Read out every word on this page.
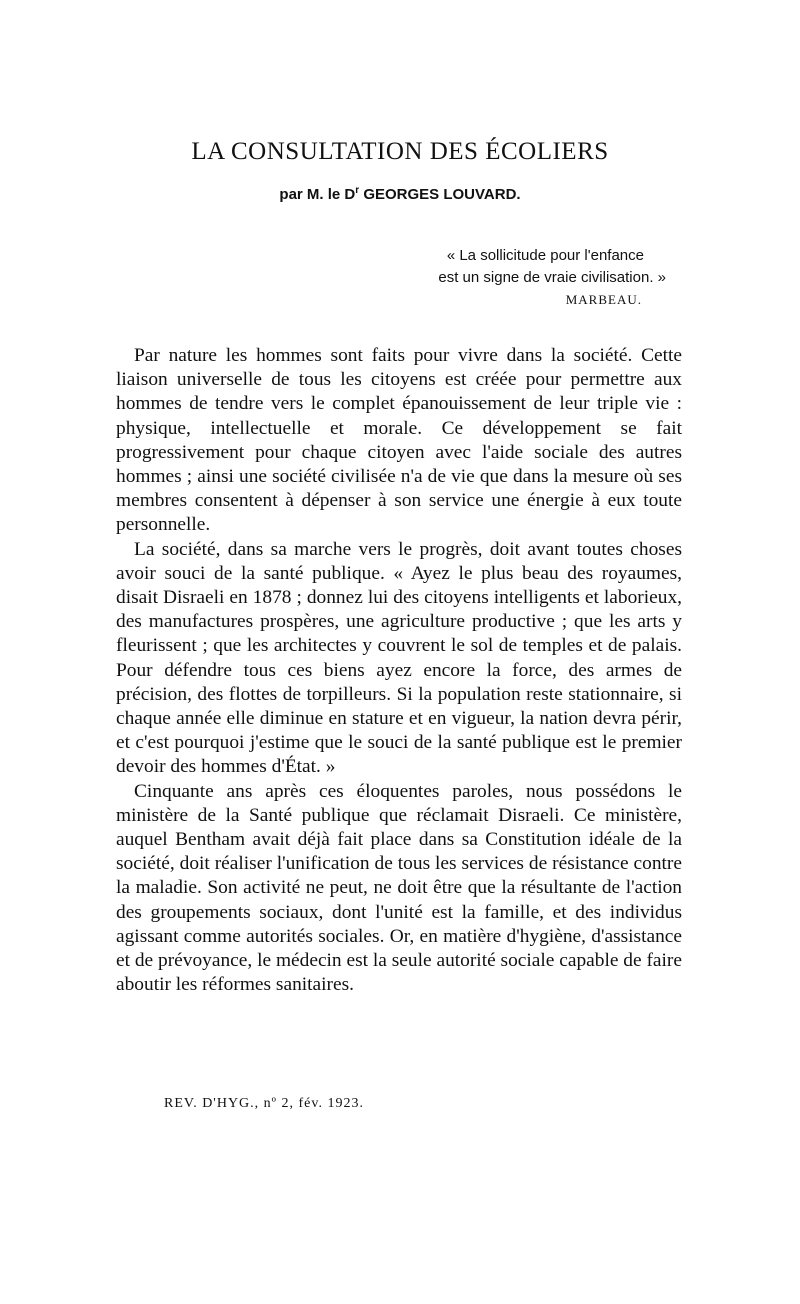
LA CONSULTATION DES ÉCOLIERS
par M. le $D^r$ GEORGES LOUVARD.
« La sollicitude pour l'enfance
est un signe de vraie civilisation. »
MARBEAU.

Par nature les hommes sont faits pour vivre dans la société. Cette liaison universelle de tous les citoyens est créée pour permettre aux hommes de tendre vers le complet épanouissement de leur triple vie : physique, intellectuelle et morale. Ce développement se fait progressivement pour chaque citoyen avec l'aide sociale des autres hommes ; ainsi une société civilisée n'a de vie que dans la mesure où ses membres consentent à dépenser à son service une énergie à eux toute personnelle.

La société, dans sa marche vers le progrès, doit avant toutes choses avoir souci de la santé publique. « Ayez le plus beau des royaumes, disait Disraeli en 1878 ; donnez lui des citoyens intelligents et laborieux, des manufactures prospères, une agriculture productive ; que les arts y fleurissent ; que les architectes y couvrent le sol de temples et de palais. Pour défendre tous ces biens ayez encore la force, des armes de précision, des flottes de torpilleurs. Si la population reste stationnaire, si chaque année elle diminue en stature et en vigueur, la nation devra périr, et c'est pourquoi j'estime que le souci de la santé publique est le premier devoir des hommes d'État. »

Cinquante ans après ces éloquentes paroles, nous possédons le ministère de la Santé publique que réclamait Disraeli. Ce ministère, auquel Bentham avait déjà fait place dans sa Constitution idéale de la société, doit réaliser l'unification de tous les services de résistance contre la maladie. Son activité ne peut, ne doit être que la résultante de l'action des groupements sociaux, dont l'unité est la famille, et des individus agissant comme autorités sociales. Or, en matière d'hygiène, d'assistance et de prévoyance, le médecin est la seule autorité sociale capable de faire aboutir les réformes sanitaires.

REV. D'HYG., nº 2, fév. 1923.
